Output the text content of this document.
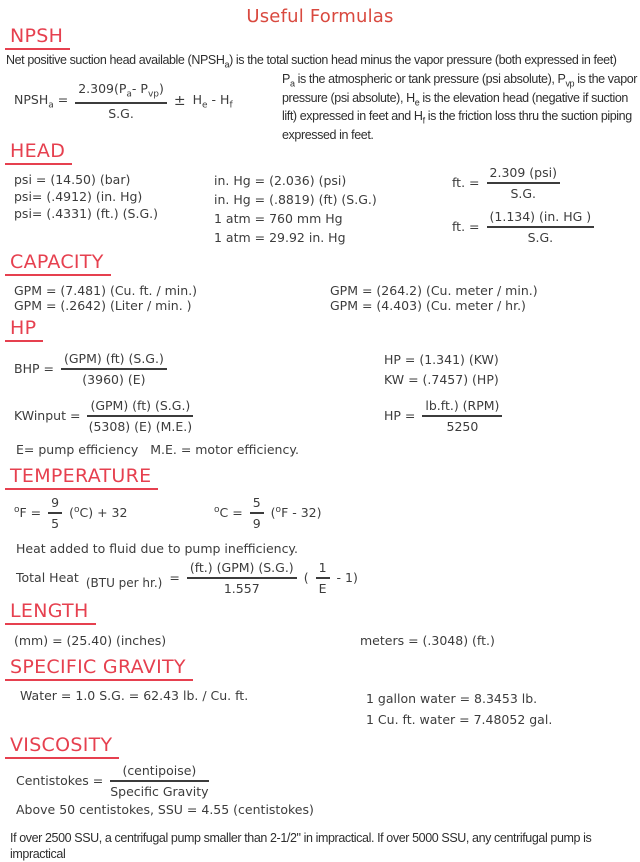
Useful Formulas
NPSH
Net positive suction head available $(NPSH_a)$ is the total suction head minus the vapor pressure (both expressed in feet)
$NPSH_a = \frac{2.309(P_a- P_{vp})}{S.G.} \pm H_e - H_f$
$P_a$ is the atmospheric or tank pressure (psi absolute), $P_{vp}$ is the vapor pressure (psi absolute), $H_e$ is the elevation head (negative if suction lift) expressed in feet and $H_f$ is the friction loss thru the suction piping expressed in feet.
HEAD
psi = (14.50) (bar)
psi= (.4912) (in. Hg)
psi= (.4331) (ft.) (S.G.)
in. Hg = (2.036) (psi)
in. Hg = (.8819) (ft) (S.G.)
1 atm = 760 mm Hg
1 atm = 29.92 in. Hg
ft. = $\frac{\text{2.309 (psi)}}{S.G.}$
ft. = $\frac{(1.134) (in. HG )}{S.G.}$
CAPACITY
GPM = (7.481) (Cu. ft. / min.)
GPM = (.2642) (Liter / min. )
GPM = (264.2) (Cu. meter / min.)
GPM = (4.403) (Cu. meter / hr.)
HP
BHP = $\frac{\text{(GPM) (ft) (S.G.)}}{(3960) (E)}$	HP = (1.341) (KW)
KW = (.7457) (HP)
KWinput = $\frac{\text{(GPM) (ft) (S.G.)}}{(5308) (E) (M.E.)}$	HP = $\frac{\text{lb.ft.) (RPM)}}{5250}$
E= pump efficiency   M.E. = motor efficiency.
TEMPERATURE
$^oF = \frac{9}{5} (^oC) + 32$	$^oC = \frac{5}{9} (^oF - 32)$
Heat added to fluid due to pump inefficiency.
Total Heat (BTU per $hr.) = \frac{\text{(ft.) (GPM) (S.G.)}}{1.557}$ ( $\frac{1}{E} - 1$)
LENGTH
(mm) = (25.40) (inches)	meters = (.3048) (ft.)
SPECIFIC GRAVITY
Water = 1.0 S.G. = 62.43 lb. / Cu. ft.	1 gallon water = 8.3453 lb.
1 Cu. ft. water = 7.48052 gal.
VISCOSITY
Centistokes = $\frac{\text{(centipoise)}}{\text{Specific Gravity}}$
Above 50 centistokes, SSU = 4.55 (centistokes)
If over 2500 SSU, a centrifugal pump smaller than 2-1/2" in impractical. If over 5000 SSU, any centrifugal pump is impractical
